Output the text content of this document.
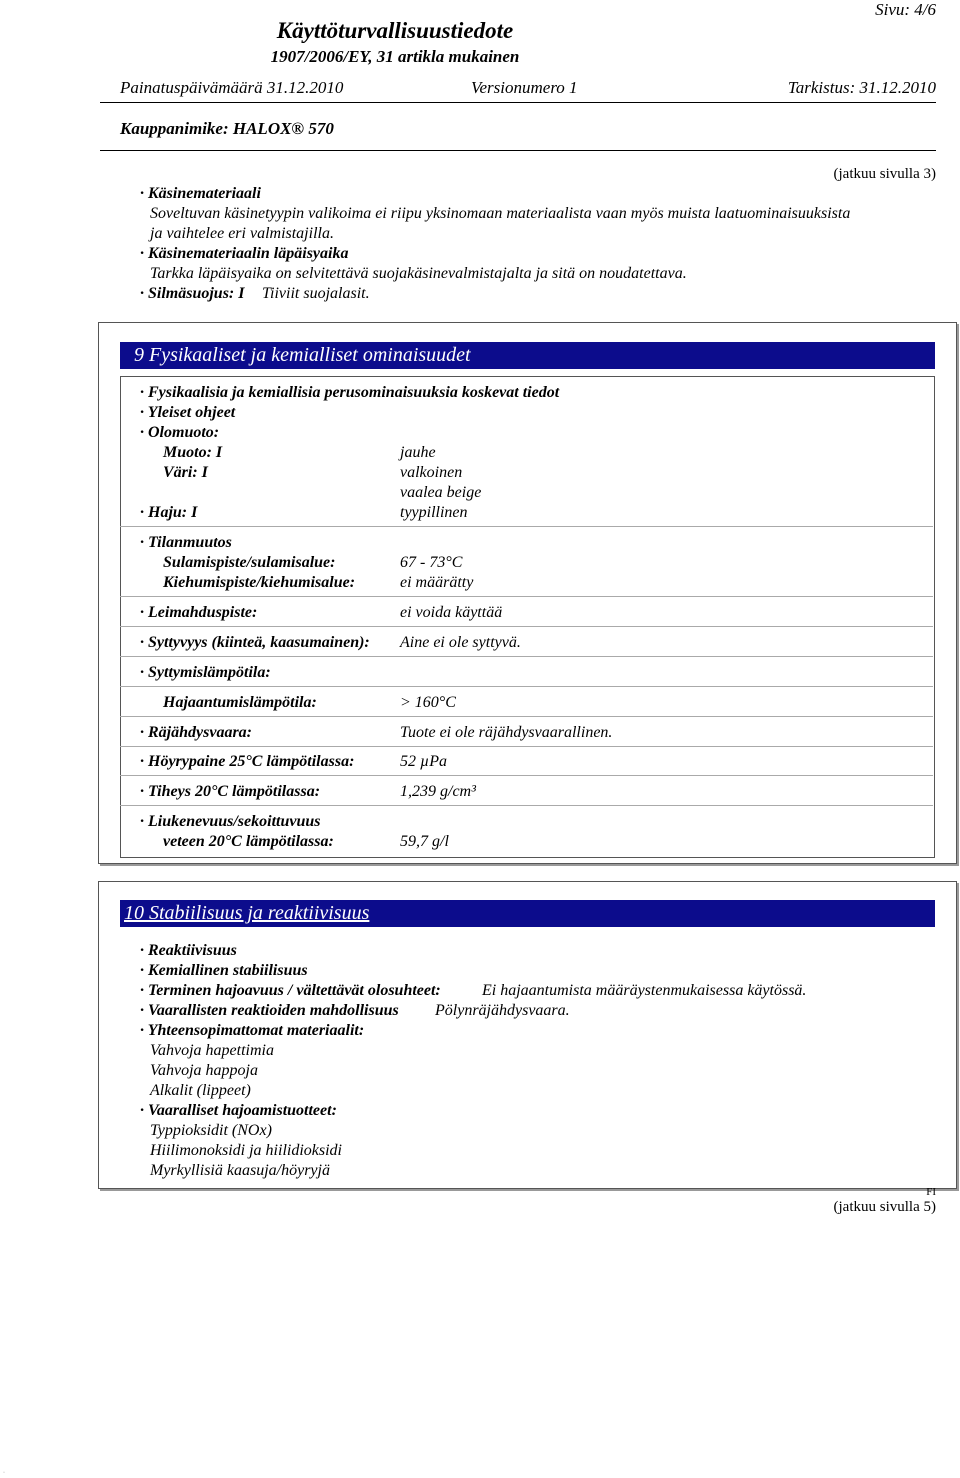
Sivu: 4/6
Käyttöturvallisuustiedote
1907/2006/EY, 31 artikla mukainen
Painatuspäivämäärä 31.12.2010	Versionumero 1	Tarkistus: 31.12.2010
Kauppanimike: HALOX® 570
(jatkuu sivulla 3)
· Käsinemateriaali
Soveltuvan käsinetyypin valikoima ei riipu yksinomaan materiaalista vaan myös muista laatuominaisuuksista
ja vaihtelee eri valmistajilla.
· Käsinemateriaalin läpäisyaika
Tarkka läpäisyaika on selvitettävä suojakäsinevalmistajalta ja sitä on noudatettava.
· Silmäsuojus: I Tiiviit suojalasit.
9 Fysikaaliset ja kemialliset ominaisuudet
· Fysikaalisia ja kemiallisia perusominaisuuksia koskevat tiedot
· Yleiset ohjeet
· Olomuoto:
Muoto: I	jauhe
Väri: I	valkoinen
vaalea beige
· Haju: I	tyypillinen
· Tilanmuutos
Sulamispiste/sulamisalue:	67 - 73°C
Kiehumispiste/kiehumisalue:	ei määrätty
· Leimahduspiste:	ei voida käyttää
· Syttyvyys (kiinteä, kaasumainen): Aine ei ole syttyvä.
· Syttymislämpötila:
Hajaantumislämpötila:	> 160°C
· Räjähdysvaara:	Tuote ei ole räjähdysvaarallinen.
· Höyrypaine 25°C lämpötilassa:	52 µPa
· Tiheys 20°C lämpötilassa:	1,239 g/cm³
· Liukenevuus/sekoittuvuus
veteen 20°C lämpötilassa:	59,7 g/l
10 Stabiilisuus ja reaktiivisuus
· Reaktiivisuus
· Kemiallinen stabiilisuus
· Terminen hajoavuus / vältettävät olosuhteet:	Ei hajaantumista määräystenmukaisessa käytössä.
· Vaarallisten reaktioiden mahdollisuus Pölynräjähdysvaara.
· Yhteensopimattomat materiaalit:
Vahvoja hapettimia
Vahvoja happoja
Alkalit (lippeet)
· Vaaralliset hajoamistuotteet:
Typpioksidit (NOx)
Hiilimonoksidi ja hiilidioksidi
Myrkyllisiä kaasuja/höyryjä
FI
(jatkuu sivulla 5)
·
